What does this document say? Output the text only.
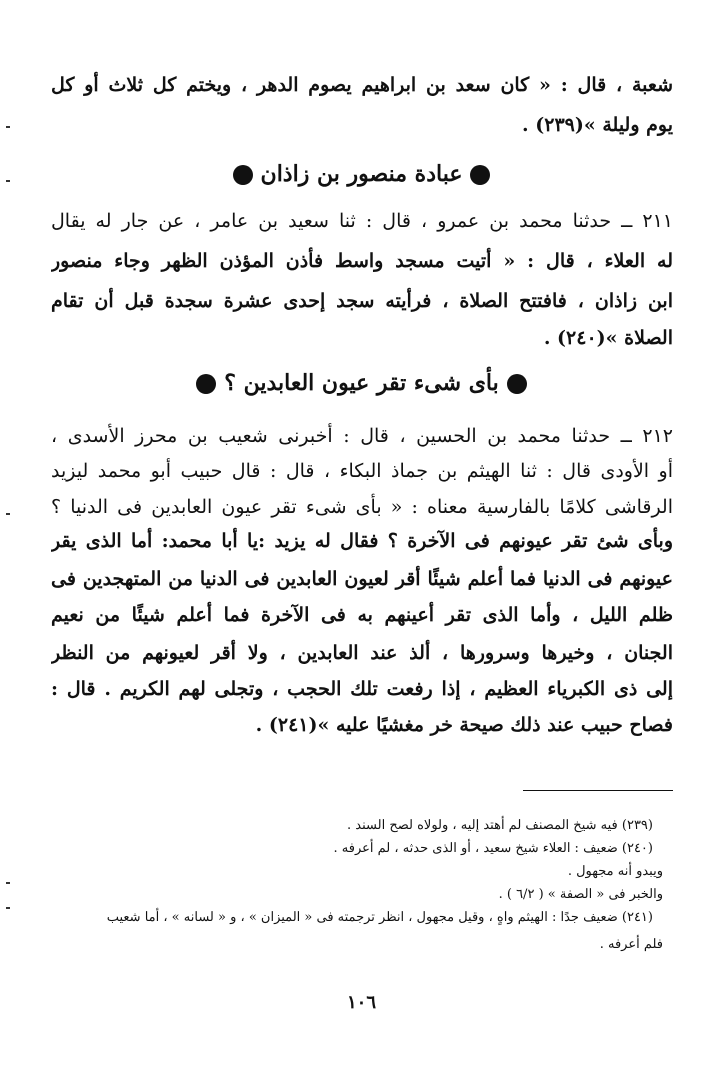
شعبة ، قال : « كان سعد بن ابراهيم يصوم الدهر ، ويختم كل ثلاث أو كل
يوم وليلة »(٢٣٩) .
عبادة منصور بن زاذان
٢١١ ــ حدثنا محمد بن عمرو ، قال : ثنا سعيد بن عامر ، عن جار له يقال
له العلاء ، قال : « أتيت مسجد واسط فأذن المؤذن الظهر وجاء منصور
ابن زاذان ، فافتتح الصلاة ، فرأيته سجد إحدى عشرة سجدة قبل أن تقام
الصلاة »(٢٤٠) .
بأى شىء تقر عيون العابدين ؟
٢١٢ ــ حدثنا محمد بن الحسين ، قال : أخبرنى شعيب بن محرز الأسدى ،
أو الأودى قال : ثنا الهيثم بن جماذ البكاء ، قال : قال حبيب أبو محمد ليزيد
الرقاشى كلامًا بالفارسية معناه : « بأى شىء تقر عيون العابدين فى الدنيا ؟
وبأى شئ تقر عيونهم فى الآخرة ؟ فقال له يزيد :يا أبا محمد: أما الذى يقر
عيونهم فى الدنيا فما أعلم شيئًا أقر لعيون العابدين فى الدنيا من المتهجدين فى
ظلم الليل ، وأما الذى تقر أعينهم به فى الآخرة فما أعلم شيئًا من نعيم
الجنان ، وخيرها وسرورها ، ألذ عند العابدين ، ولا أقر لعيونهم من النظر
إلى ذى الكبرياء العظيم ، إذا رفعت تلك الحجب ، وتجلى لهم الكريم . قال :
فصاح حبيب عند ذلك صيحة خر مغشيًا عليه »(٢٤١) .
(٢٣٩) فيه شيخ المصنف لم أهتد إليه ، ولولاه لصح السند .
(٢٤٠) ضعيف : العلاء شيخ سعيد ، أو الذى حدثه ، لم أعرفه .
ويبدو أنه مجهول .
والخبر فى « الصفة » ( ٦/٢ ) .
(٢٤١) ضعيف جدًا : الهيثم واهٍ ، وقيل مجهول ، انظر ترجمته فى « الميزان » ، و « لسانه » ، أما شعيب
فلم أعرفه .
١٠٦
